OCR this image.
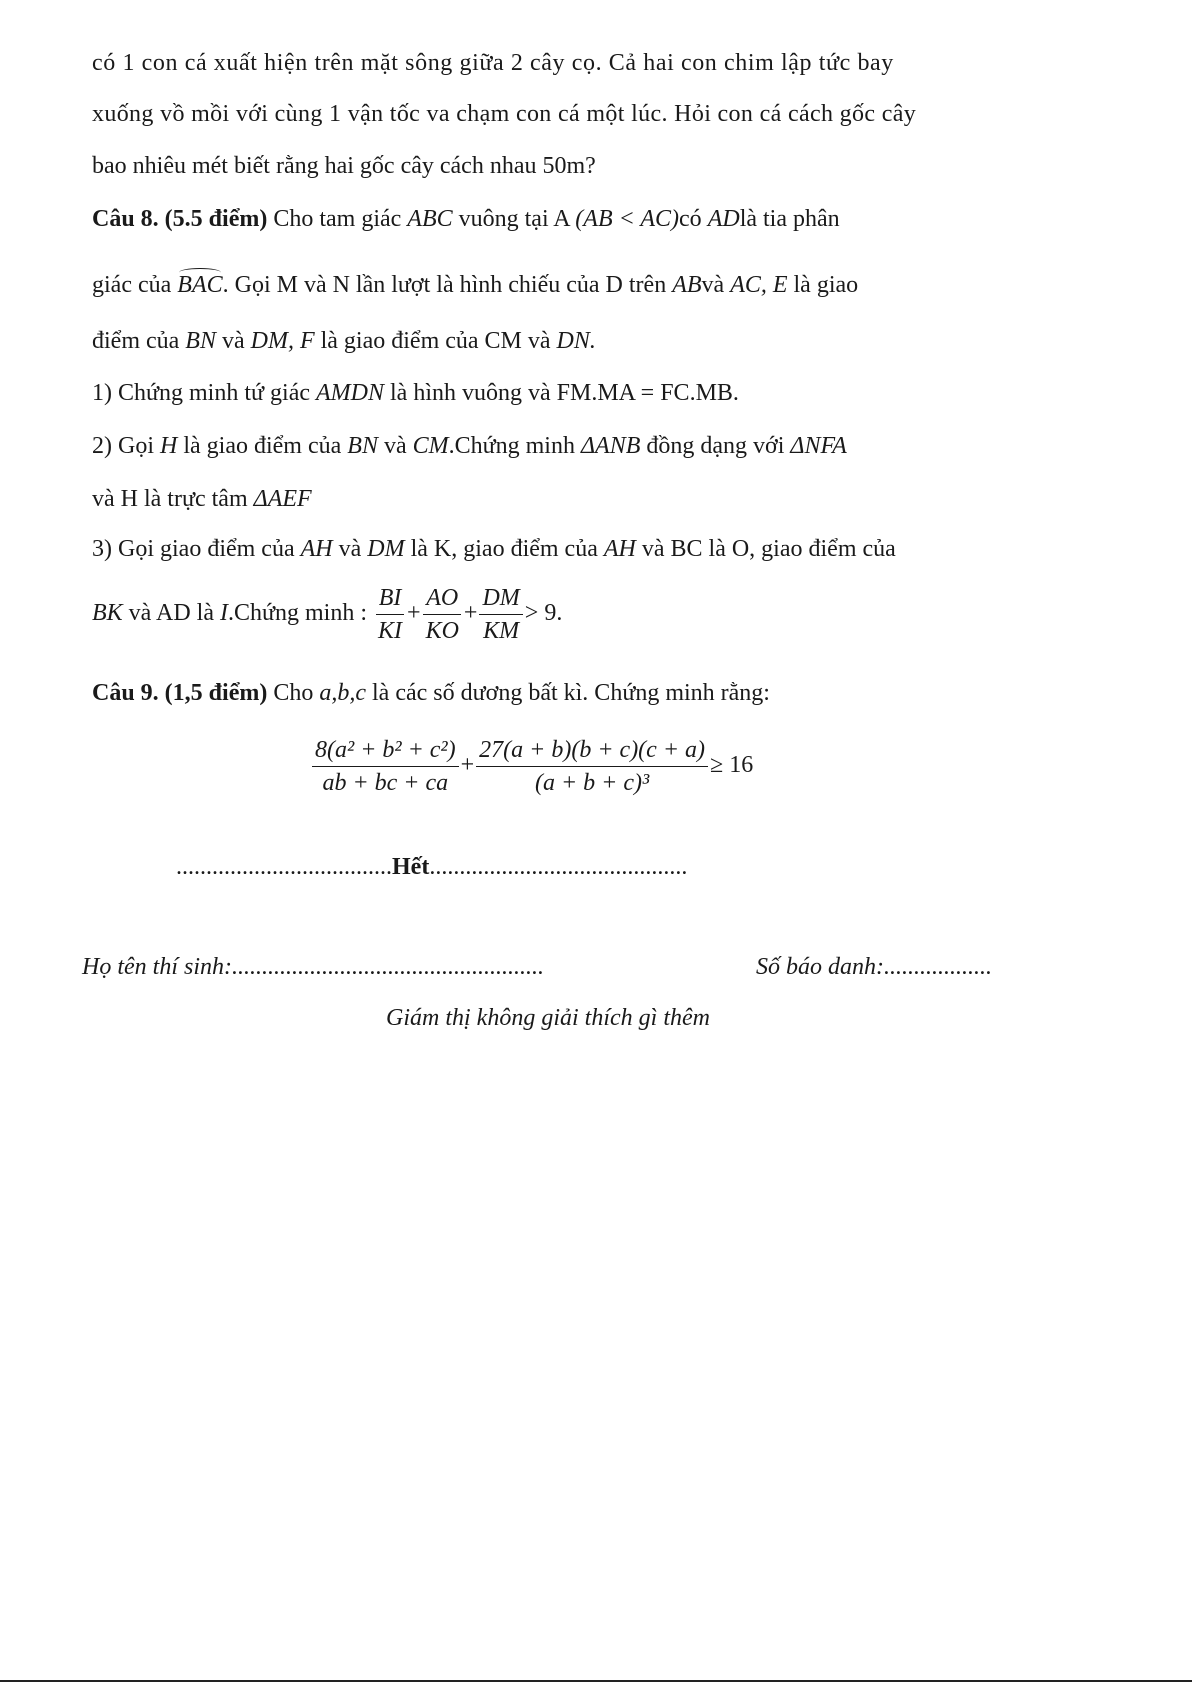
có 1 con cá xuất hiện trên mặt sông giữa 2 cây cọ. Cả hai con chim lập tức bay
xuống vồ mồi với cùng 1 vận tốc va chạm con cá một lúc. Hỏi con cá cách gốc cây
bao nhiêu mét biết rằng hai gốc cây cách nhau 50m?
Câu 8. (5.5 điểm) Cho tam giác ABC vuông tại A (AB < AC)có ADlà tia phân
giác của BAC. Gọi M và N lần lượt là hình chiếu của D trên ABvà AC, E là giao
điểm của BN và DM, F là giao điểm của CM và DN.
1) Chứng minh tứ giác AMDN là hình vuông và FM.MA = FC.MB.
2) Gọi H là giao điểm của BN và CM.Chứng minh ΔANB đồng dạng với ΔNFA
và H là trực tâm ΔAEF
3) Gọi giao điểm của AH và DM là K, giao điểm của AH và BC là O, giao điểm của
BK và AD là I.Chứng minh : $\frac{BI}{KI} + \frac{AO}{KO} + \frac{DM}{KM} > 9$.
Câu 9. (1,5 điểm) Cho a,b,c là các số dương bất kì. Chứng minh rằng:
$\frac{\text{8(a² + b² + c²)}}{ab + bc + ca} + \frac{27(a + b)(b + c)(c + a)}{\text{(a + b + c)³}} \ge 16$
....................................Hết...........................................
Họ tên thí sinh:....................................................	Số báo danh:..................
Giám thị không giải thích gì thêm
